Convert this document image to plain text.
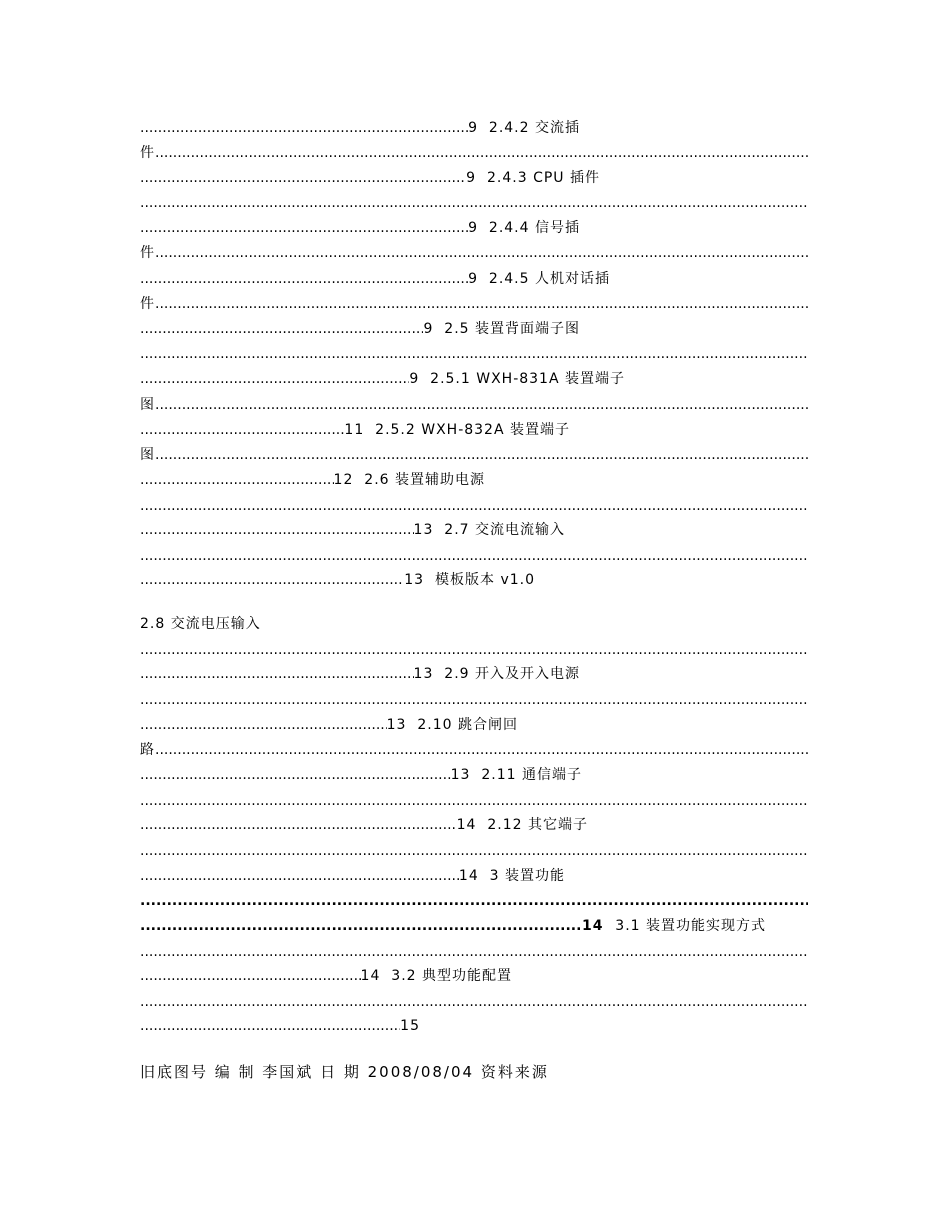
.....
9
2.4.2 交流插
件
.....
.....
9
2.4.3 CPU 插件
.....
.....
9
2.4.4 信号插
件
.....
.....
9
2.4.5 人机对话插
件
.....
.....
9
2.5 装置背面端子图
.....
.....
9
2.5.1 WXH-831A 装置端子
图
.....
.....
11
2.5.2 WXH-832A 装置端子
图
.....
.....
12
2.6 装置辅助电源
.....
.....
13
2.7 交流电流输入
.....
.....
13
模板版本 v1.0
2.8 交流电压输入
.....
.....
13
2.9 开入及开入电源
.....
.....
13
2.10 跳合闸回
路
.....
.....
13
2.11 通信端子
.....
.....
14
2.12 其它端子
.....
.....
14
3 装置功能
.....
.....
14
3.1 装置功能实现方式
.....
.....
14
3.2 典型功能配置
.....
.....
15
旧底图号 编 制 李国斌 日 期 2008/08/04 资料来源
